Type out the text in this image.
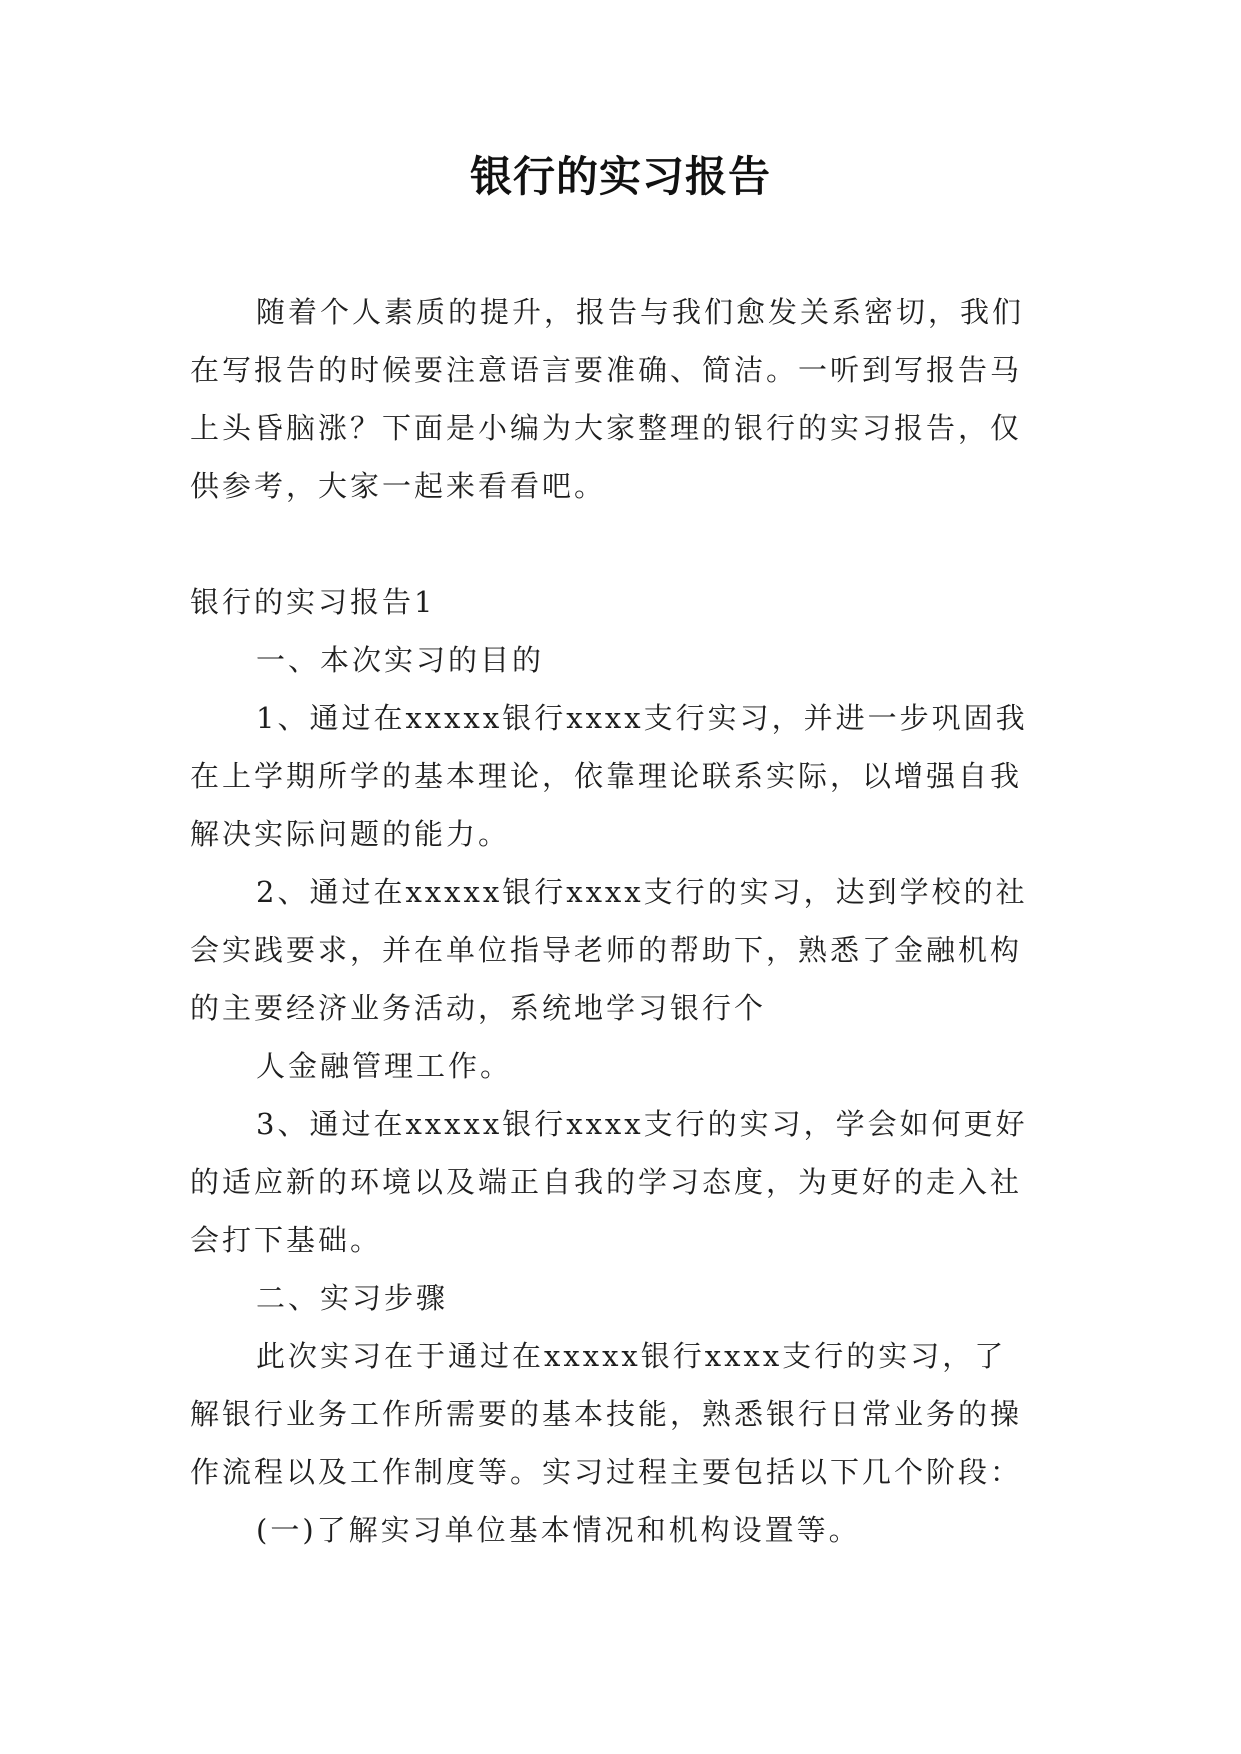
银行的实习报告
随着个人素质的提升，报告与我们愈发关系密切，我们
在写报告的时候要注意语言要准确、简洁。一听到写报告马
上头昏脑涨？下面是小编为大家整理的银行的实习报告，仅
供参考，大家一起来看看吧。
银行的实习报告1
一、本次实习的目的
1、通过在xxxxx银行xxxx支行实习，并进一步巩固我
在上学期所学的基本理论，依靠理论联系实际，以增强自我
解决实际问题的能力。
2、通过在xxxxx银行xxxx支行的实习，达到学校的社
会实践要求，并在单位指导老师的帮助下，熟悉了金融机构
的主要经济业务活动，系统地学习银行个
人金融管理工作。
3、通过在xxxxx银行xxxx支行的实习，学会如何更好
的适应新的环境以及端正自我的学习态度，为更好的走入社
会打下基础。
二、实习步骤
此次实习在于通过在xxxxx银行xxxx支行的实习，了
解银行业务工作所需要的基本技能，熟悉银行日常业务的操
作流程以及工作制度等。实习过程主要包括以下几个阶段：
(一)了解实习单位基本情况和机构设置等。
